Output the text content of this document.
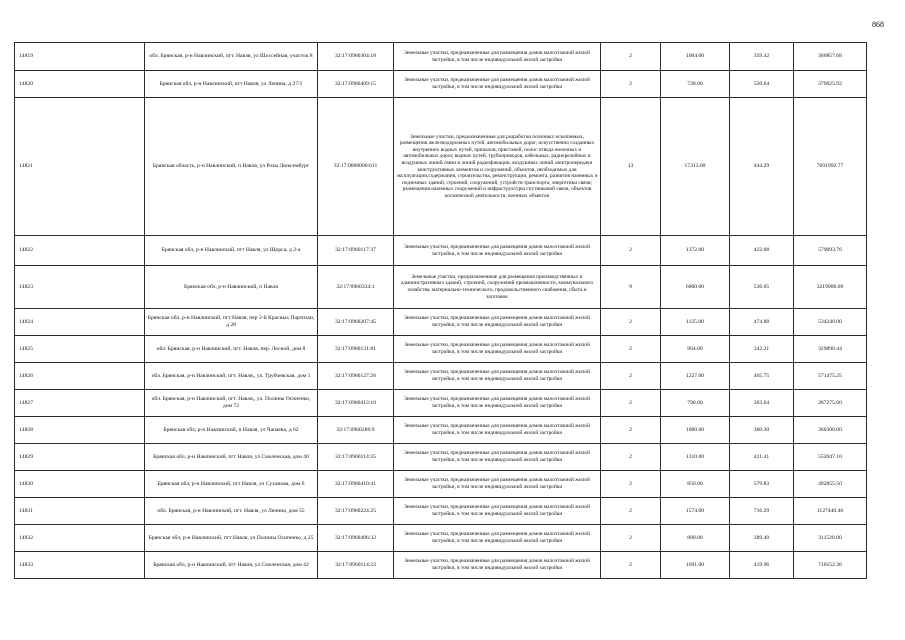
868
14819	обл. Брянская, р-н Навлинский, пгт. Навля, ул Шоссейная, участок 8	32:17:0960304:18	Земельные участки, предназначенные для размещения домов малоэтажной жилой застройки, в том числе индивидуальной жилой застройки	2	1004.00	359.42	360857.68
14820	Брянская обл, р-н Навлинский, пгт Навля, ул Ленина, д 27/1	32:17:0960409:15	Земельные участки, предназначенные для размещения домов малоэтажной жилой застройки, в том числе индивидуальной жилой застройки	2	728.00	520.64	379025.92
14821	Брянская область, р-н Навлинский, п Навля, ул Розы Люксембург	32:17:0000000:611	Земельные участки, предназначенные для разработки полезных ископаемых, размещения железнодорожных путей, автомобильных дорог, искусственно созданных внутренних водных путей, причалов, пристаней, полос отвода железных и автомобильных дорог, водных путей, трубопроводов, кабельных, радиорелейных и воздушных линий связи и линий радиофикации, воздушных линий электропередачи конструктивных элементов и сооружений, объектов, необходимых для эксплуатации,содержания, строительства, реконструкции, ремонта, развития наземных и подземных зданий, строений, сооружений, устройств транспорта, энергетики связи; размещения наземных сооружений и инфраструктуры спутниковой связи, объектов космической деятельности, военных объектов	13	17313.00	444.29	7691992.77
14822	Брянская обл, р-н Навлинский, пгт Навля, ул Щорса, д 2-а	32:17:0960117:37	Земельные участки, предназначенные для размещения домов малоэтажной жилой застройки, в том числе индивидуальной жилой застройки	2	1372.00	422.08	579093.76
14823	Брянская обл, р-н Навлинский, п Навля	32:17:0960334:1	Земельные участки, предназначенные для размещения производственных и административных зданий, строений, сооружений промышленности, коммунального хозяйства, материально-технического, продовольственного снабжения, сбыта и заготовок	9	6000.00	536.65	3219900.00
14824	Брянская обл, р-н Навлинский, пгт Навля, пер 2-й Красных Партизан, д 28	32:17:0960207:45	Земельные участки, предназначенные для размещения домов малоэтажной жилой застройки, в том числе индивидуальной жилой застройки	2	1125.00	474.88	534240.00
14825	обл. Брянская, р-н Навлинский, пгт. Навля, пер. Лесной, дом 8	32:17:0960131:81	Земельные участки, предназначенные для размещения домов малоэтажной жилой застройки, в том числе индивидуальной жилой застройки	2	964.00	342.21	329890.44
14826	обл. Брянская, р-н Навлинский, пгт. Навля,, ул. Трубчевская, дом 1	32:17:0960127:26	Земельные участки, предназначенные для размещения домов малоэтажной жилой застройки, в том числе индивидуальной жилой застройки	2	1227.00	465.75	571475.25
14827	обл. Брянская, р-н Навлинский, пгт. Навля,, ул. Полины Осипенко, дом 72	32:17:0960413:10	Земельные участки, предназначенные для размещения домов малоэтажной жилой застройки, в том числе индивидуальной жилой застройки	2	790.00	363.64	287275.60
14828	Брянская обл, р-н Навлинский, п Навля, ул Чапаева, д 62	32:17:0960286:9	Земельные участки, предназначенные для размещения домов малоэтажной жилой застройки, в том числе индивидуальной жилой застройки	2	1000.00	360.30	360300.00
14829	Брянская обл, р-н Навлинский, пгт Навля, ул Смоленская, дом 40	32:17:0960114:35	Земельные участки, предназначенные для размещения домов малоэтажной жилой застройки, в том числе индивидуальной жилой застройки	2	1310.00	421.41	552047.10
14830	Брянская обл, р-н Навлинский, пгт Навля, ул Суханова, дом 6	32:17:0960410:41	Земельные участки, предназначенные для размещения домов малоэтажной жилой застройки, в том числе индивидуальной жилой застройки	2	850.00	579.83	492855.50
14831	обл. Брянская, р-н Навлинский, пгт. Навля, ул Ленина, дом 55	32:17:0960224:25	Земельные участки, предназначенные для размещения домов малоэтажной жилой застройки, в том числе индивидуальной жилой застройки	2	1574.00	716.29	1127440.46
14832	Брянская обл, р-н Навлинский, пгт Навля, ул Полины Осипенко, д 25	32:17:0960406:32	Земельные участки, предназначенные для размещения домов малоэтажной жилой застройки, в том числе индивидуальной жилой застройки	2	800.00	389.40	311520.00
14833	Брянская обл, р-н Навлинский, пгт Навля, ул Смоленская, дом 42	32:17:0960114:33	Земельные участки, предназначенные для размещения домов малоэтажной жилой застройки, в том числе индивидуальной жилой застройки	2	1691.00	419.96	710152.36
